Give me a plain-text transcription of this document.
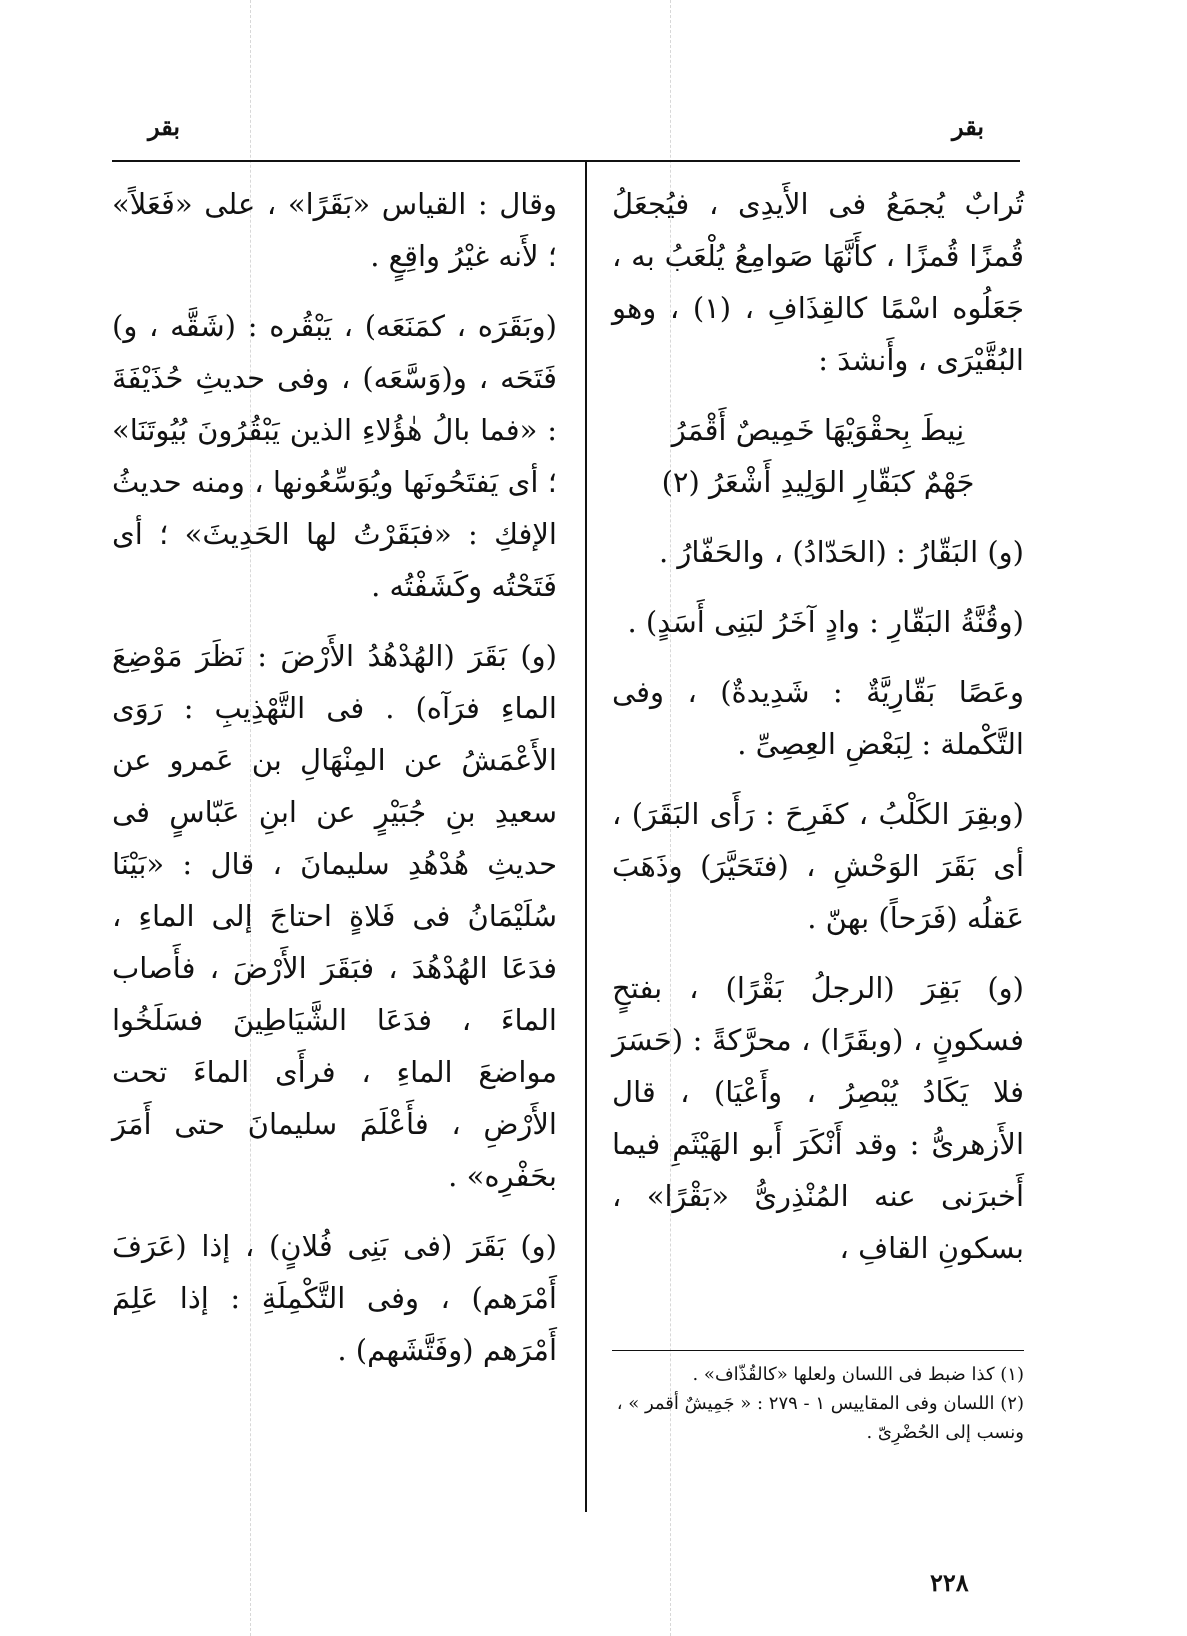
بقر
بقر

تُرابٌ يُجمَعُ فى الأَيدِى ، فيُجعَلُ قُمزًا قُمزًا ، كأَنَّهَا صَوامِعُ يُلْعَبُ به ، جَعَلُوه اسْمًا كالقِذَافِ ، (١) ، وهو البُقَّيْرَى ، وأَنشدَ :

نِيطَ بِحقْوَيْهَا خَمِيصٌ أَقْمَرُ
جَهْمٌ كبَقّارِ الوَلِيدِ أَشْعَرُ (٢)

(و) البَقّارُ : (الحَدّادُ) ، والحَفّارُ .

(وقُنَّةُ البَقّارِ : وادٍ آخَرُ لبَنِى أَسَدٍ) .

وعَصًا بَقّارِيَّةٌ : شَدِيدةٌ) ، وفى التَّكْملة : لِبَعْضِ العِصِىِّ .

(وبقِرَ الكَلْبُ ، كفَرِحَ : رَأَى البَقَرَ) ، أى بَقَرَ الوَحْشِ ، (فتَحَيَّرَ) وذَهَبَ عَقلُه (فَرَحاً) بهنّ .

(و) بَقِرَ (الرجلُ بَقْرًا) ، بفتحٍ فسكونٍ ، (وبقَرًا) ، محرَّكةً : (حَسَرَ فلا يَكَادُ يُبْصِرُ ، وأَعْيَا) ، قال الأَزهرىُّ : وقد أَنْكَرَ أَبو الهَيْثَمِ فيما أَخبرَنى عنه المُنْذِرىُّ «بَقْرًا» ، بسكونِ القافِ ،

(١) كذا ضبط فى اللسان ولعلها «كالقُذّاف» .

(٢) اللسان وفى المقاييس ١ - ٢٧٩ : « جَمِيشٌ أقمر » ، ونسب إلى الحُضْرِىّ .

وقال : القياس «بَقَرًا» ، على «فَعَلاً» ؛ لأَنه غيْرُ واقِعٍ .

(وبَقَرَه ، كمَنَعَه) ، يَبْقُره : (شَقَّه ، و) فَتَحَه ، و(وَسَّعَه) ، وفى حديثِ حُذَيْفَةَ : «فما بالُ هٰؤُلاءِ الذين يَبْقُرُونَ بُيُوتَنَا» ؛ أى يَفتَحُونَها ويُوَسِّعُونها ، ومنه حديثُ الإفكِ : «فبَقَرْتُ لها الحَدِيثَ» ؛ أى فَتَحْتُه وكَشَفْتُه .

(و) بَقَرَ (الهُدْهُدُ الأَرْضَ : نَظَرَ مَوْضِعَ الماءِ فرَآه) . فى التَّهْذِيبِ : رَوَى الأَعْمَشُ عن المِنْهَالِ بن عَمرو عن سعيدِ بنِ جُبَيْرٍ عن ابنِ عَبّاسٍ فى حديثِ هُدْهُدِ سليمانَ ، قال : «بَيْنَا سُلَيْمَانُ فى فَلاةٍ احتاجَ إلى الماءِ ، فدَعَا الهُدْهُدَ ، فبَقَرَ الأَرْضَ ، فأَصاب الماءَ ، فدَعَا الشَّيَاطِينَ فسَلَخُوا مواضعَ الماءِ ، فرأَى الماءَ تحت الأَرْضِ ، فأَعْلَمَ سليمانَ حتى أَمَرَ بحَفْرِه» .

(و) بَقَرَ (فى بَنِى فُلانٍ) ، إذا (عَرَفَ أَمْرَهم) ، وفى التَّكْمِلَةِ : إذا عَلِمَ أَمْرَهم (وفَتَّشَهم) .

٢٢٨
